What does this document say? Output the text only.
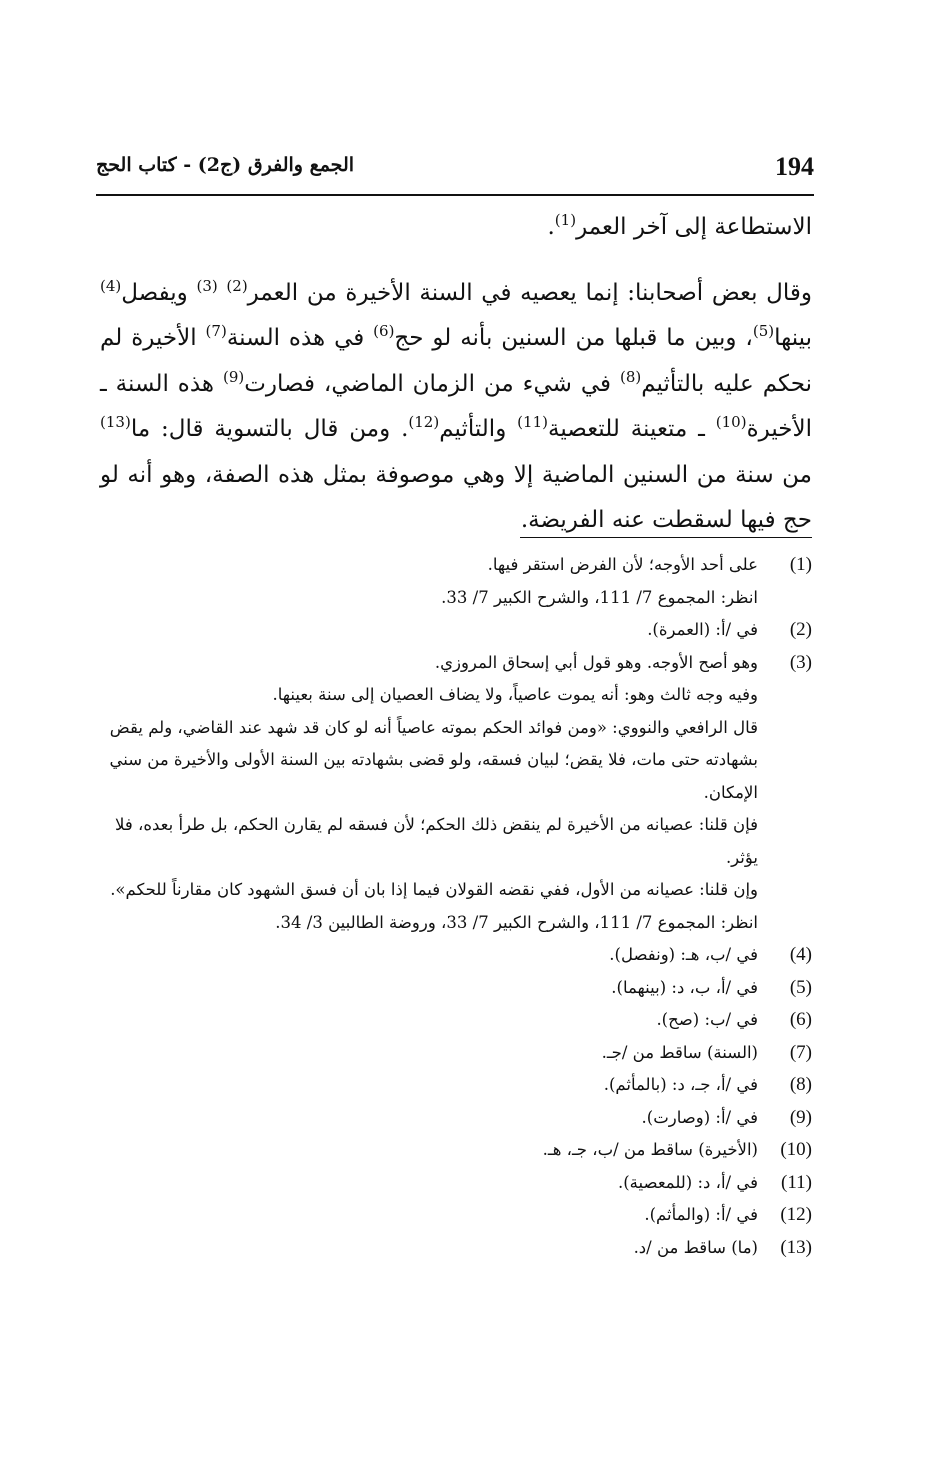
194
الجمع والفرق (ج2) - كتاب الحج

الاستطاعة إلى آخر العمر$^{(1)}$.

وقال بعض أصحابنا: إنما يعصيه في السنة الأخيرة من العمر$^{(2)}$ $^{(3)}$ ويفصل$^{(4)}$ بينها$^{(5)}$، وبين ما قبلها من السنين بأنه لو حج$^{(6)}$ في هذه السنة$^{(7)}$ الأخيرة لم نحكم عليه بالتأثيم$^{(8)}$ في شيء من الزمان الماضي، فصارت$^{(9)}$ هذه السنة ـ الأخيرة$^{(10)}$ ـ متعينة للتعصية$^{(11)}$ والتأثيم$^{(12)}$. ومن قال بالتسوية قال: ما$^{(13)}$ من سنة من السنين الماضية إلا وهي موصوفة بمثل هذه الصفة، وهو أنه لو حج فيها لسقطت عنه الفريضة.

(1)
على أحد الأوجه؛ لأن الفرض استقر فيها.
انظر: المجموع 7/ 111، والشرح الكبير 7/ 33.
(2)
في /أ: (العمرة).
(3)
وهو أصح الأوجه. وهو قول أبي إسحاق المروزي.
وفيه وجه ثالث وهو: أنه يموت عاصياً، ولا يضاف العصيان إلى سنة بعينها.
قال الرافعي والنووي: «ومن فوائد الحكم بموته عاصياً أنه لو كان قد شهد عند القاضي، ولم يقض بشهادته حتى مات، فلا يقض؛ لبيان فسقه، ولو قضى بشهادته بين السنة الأولى والأخيرة من سني الإمكان.
فإن قلنا: عصيانه من الأخيرة لم ينقض ذلك الحكم؛ لأن فسقه لم يقارن الحكم، بل طرأ بعده، فلا يؤثر.
وإن قلنا: عصيانه من الأول، ففي نقضه القولان فيما إذا بان أن فسق الشهود كان مقارناً للحكم».
انظر: المجموع 7/ 111، والشرح الكبير 7/ 33، وروضة الطالبين 3/ 34.
(4)
في /ب، هـ: (ونفصل).
(5)
في /أ، ب، د: (بينهما).
(6)
في /ب: (صح).
(7)
(السنة) ساقط من /جـ.
(8)
في /أ، جـ، د: (بالمأثم).
(9)
في /أ: (وصارت).
(10)
(الأخيرة) ساقط من /ب، جـ، هـ.
(11)
في /أ، د: (للمعصية).
(12)
في /أ: (والمأثم).
(13)
(ما) ساقط من /د.
